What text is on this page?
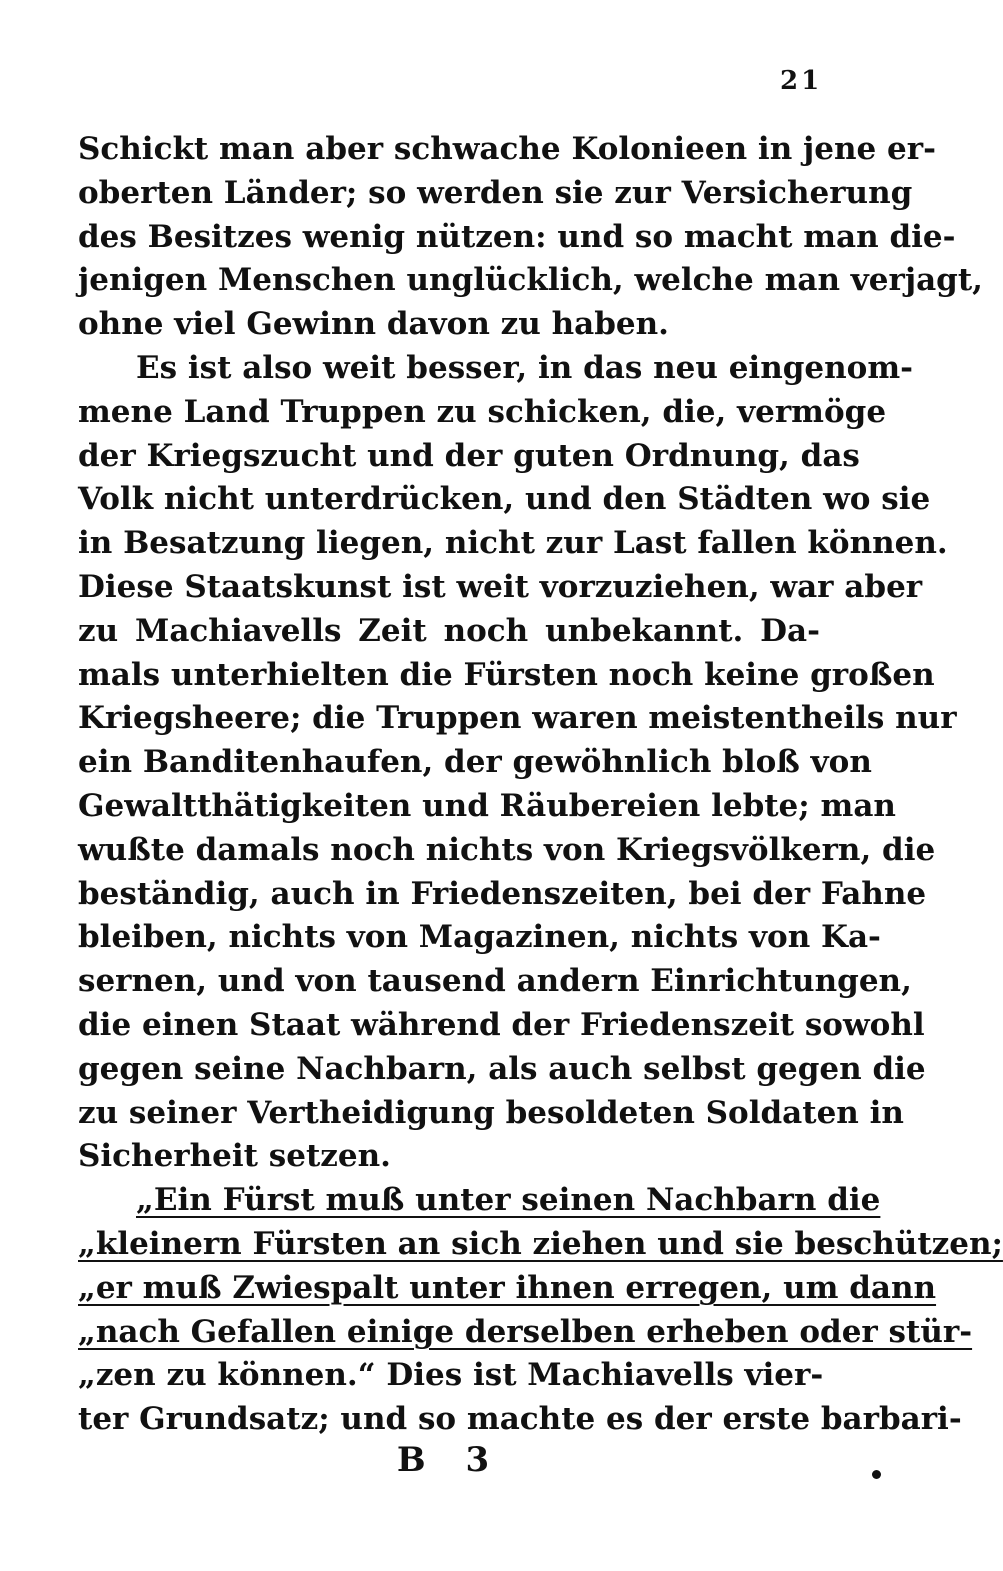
21
Schickt man aber schwache Kolonieen in jene er-
oberten Länder; so werden sie zur Versicherung
des Besitzes wenig nützen: und so macht man die-
jenigen Menschen unglücklich, welche man verjagt,
ohne viel Gewinn davon zu haben.
Es ist also weit besser, in das neu eingenom-
mene Land Truppen zu schicken, die, vermöge
der Kriegszucht und der guten Ordnung, das
Volk nicht unterdrücken, und den Städten wo sie
in Besatzung liegen, nicht zur Last fallen können.
Diese Staatskunst ist weit vorzuziehen, war aber
zu Machiavells Zeit noch unbekannt. Da-
mals unterhielten die Fürsten noch keine großen
Kriegsheere; die Truppen waren meistentheils nur
ein Banditenhaufen, der gewöhnlich bloß von
Gewaltthätigkeiten und Räubereien lebte; man
wußte damals noch nichts von Kriegsvölkern, die
beständig, auch in Friedenszeiten, bei der Fahne
bleiben, nichts von Magazinen, nichts von Ka-
sernen, und von tausend andern Einrichtungen,
die einen Staat während der Friedenszeit sowohl
gegen seine Nachbarn, als auch selbst gegen die
zu seiner Vertheidigung besoldeten Soldaten in
Sicherheit setzen.
„Ein Fürst muß unter seinen Nachbarn die
„kleinern Fürsten an sich ziehen und sie beschützen;
„er muß Zwiespalt unter ihnen erregen, um dann
„nach Gefallen einige derselben erheben oder stür-
„zen zu können.“ Dies ist Machiavells vier-
ter Grundsatz; und so machte es der erste barbari-
B 3
